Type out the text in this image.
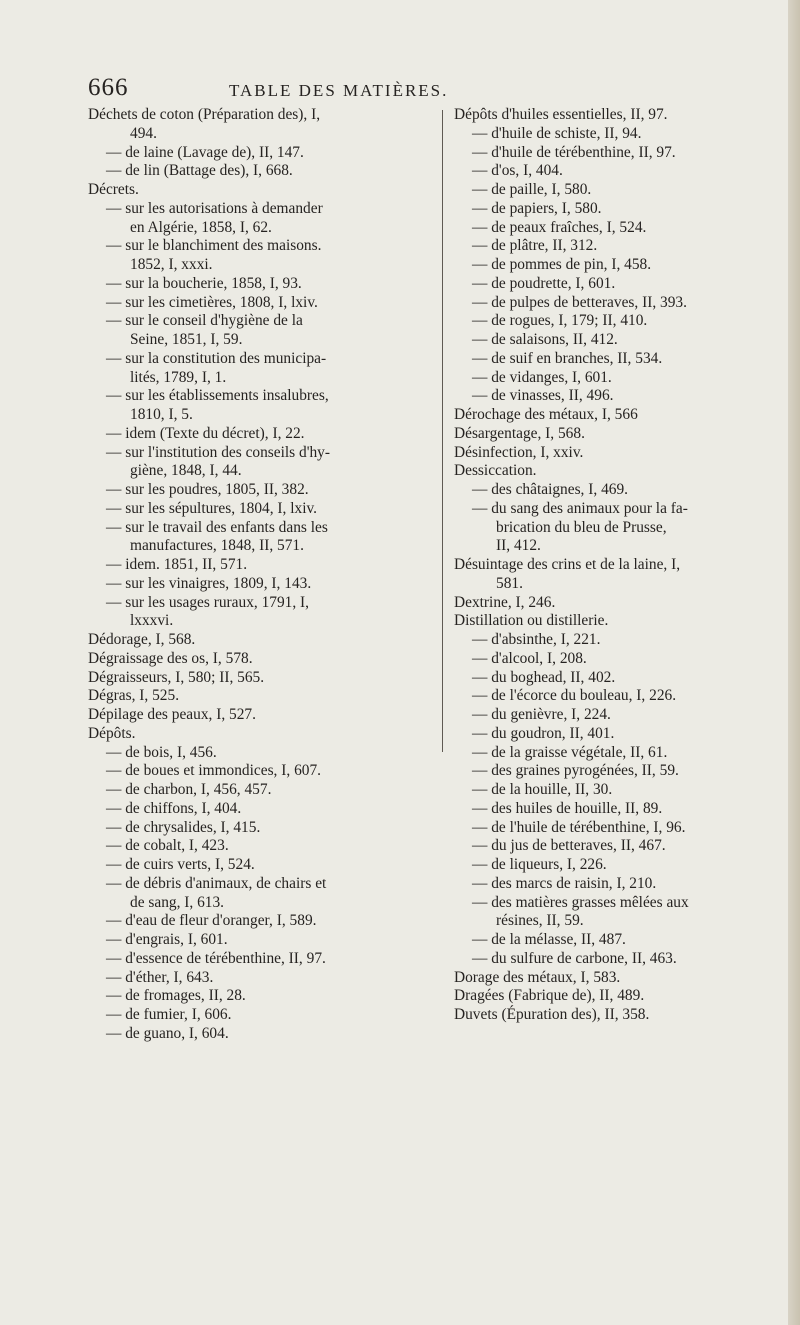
666	TABLE DES MATIÈRES.

Déchets de coton (Préparation des), I,

494.

— de laine (Lavage de), II, 147.

— de lin (Battage des), I, 668.

Décrets.

— sur les autorisations à demander

en Algérie, 1858, I, 62.

— sur le blanchiment des maisons.

1852, I, xxxi.

— sur la boucherie, 1858, I, 93.

— sur les cimetières, 1808, I, lxiv.

— sur le conseil d'hygiène de la

Seine, 1851, I, 59.

— sur la constitution des municipa-

lités, 1789, I, 1.

— sur les établissements insalubres,

1810, I, 5.

— idem (Texte du décret), I, 22.

— sur l'institution des conseils d'hy-

giène, 1848, I, 44.

— sur les poudres, 1805, II, 382.

— sur les sépultures, 1804, I, lxiv.

— sur le travail des enfants dans les

manufactures, 1848, II, 571.

— idem. 1851, II, 571.

— sur les vinaigres, 1809, I, 143.

— sur les usages ruraux, 1791, I,

lxxxvi.

Dédorage, I, 568.

Dégraissage des os, I, 578.

Dégraisseurs, I, 580; II, 565.

Dégras, I, 525.

Dépilage des peaux, I, 527.

Dépôts.

— de bois, I, 456.

— de boues et immondices, I, 607.

— de charbon, I, 456, 457.

— de chiffons, I, 404.

— de chrysalides, I, 415.

— de cobalt, I, 423.

— de cuirs verts, I, 524.

— de débris d'animaux, de chairs et

de sang, I, 613.

— d'eau de fleur d'oranger, I, 589.

— d'engrais, I, 601.

— d'essence de térébenthine, II, 97.

— d'éther, I, 643.

— de fromages, II, 28.

— de fumier, I, 606.

— de guano, I, 604.

Dépôts d'huiles essentielles, II, 97.

— d'huile de schiste, II, 94.

— d'huile de térébenthine, II, 97.

— d'os, I, 404.

— de paille, I, 580.

— de papiers, I, 580.

— de peaux fraîches, I, 524.

— de plâtre, II, 312.

— de pommes de pin, I, 458.

— de poudrette, I, 601.

— de pulpes de betteraves, II, 393.

— de rogues, I, 179; II, 410.

— de salaisons, II, 412.

— de suif en branches, II, 534.

— de vidanges, I, 601.

— de vinasses, II, 496.

Dérochage des métaux, I, 566

Désargentage, I, 568.

Désinfection, I, xxiv.

Dessiccation.

— des châtaignes, I, 469.

— du sang des animaux pour la fa-

brication du bleu de Prusse,

II, 412.

Désuintage des crins et de la laine, I,

581.

Dextrine, I, 246.

Distillation ou distillerie.

— d'absinthe, I, 221.

— d'alcool, I, 208.

— du boghead, II, 402.

— de l'écorce du bouleau, I, 226.

— du genièvre, I, 224.

— du goudron, II, 401.

— de la graisse végétale, II, 61.

— des graines pyrogénées, II, 59.

— de la houille, II, 30.

— des huiles de houille, II, 89.

— de l'huile de térébenthine, I, 96.

— du jus de betteraves, II, 467.

— de liqueurs, I, 226.

— des marcs de raisin, I, 210.

— des matières grasses mêlées aux

résines, II, 59.

— de la mélasse, II, 487.

— du sulfure de carbone, II, 463.

Dorage des métaux, I, 583.

Dragées (Fabrique de), II, 489.

Duvets (Épuration des), II, 358.
